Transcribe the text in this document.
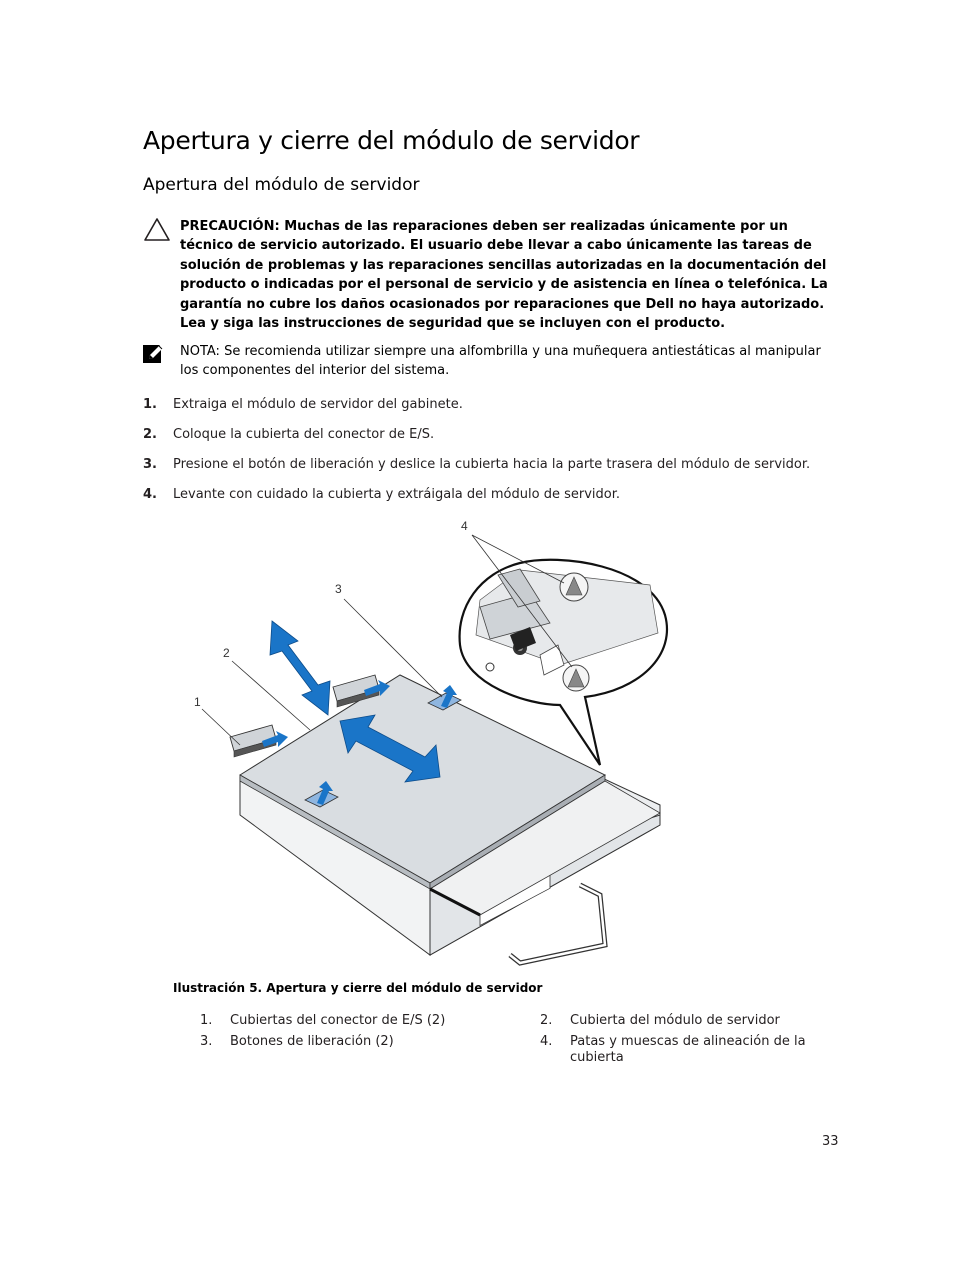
Apertura y cierre del módulo de servidor
Apertura del módulo de servidor
PRECAUCIÓN: Muchas de las reparaciones deben ser realizadas únicamente por un técnico de servicio autorizado. El usuario debe llevar a cabo únicamente las tareas de solución de problemas y las reparaciones sencillas autorizadas en la documentación del producto o indicadas por el personal de servicio y de asistencia en línea o telefónica. La garantía no cubre los daños ocasionados por reparaciones que Dell no haya autorizado. Lea y siga las instrucciones de seguridad que se incluyen con el producto.
NOTA: Se recomienda utilizar siempre una alfombrilla y una muñequera antiestáticas al manipular los componentes del interior del sistema.
1. Extraiga el módulo de servidor del gabinete.
2. Coloque la cubierta del conector de E/S.
3. Presione el botón de liberación y deslice la cubierta hacia la parte trasera del módulo de servidor.
4. Levante con cuidado la cubierta y extráigala del módulo de servidor.
1
2
3
4
Ilustración 5. Apertura y cierre del módulo de servidor
1. Cubiertas del conector de E/S (2)	2. Cubierta del módulo de servidor
3. Botones de liberación (2)	4. Patas y muescas de alineación de la cubierta
33
